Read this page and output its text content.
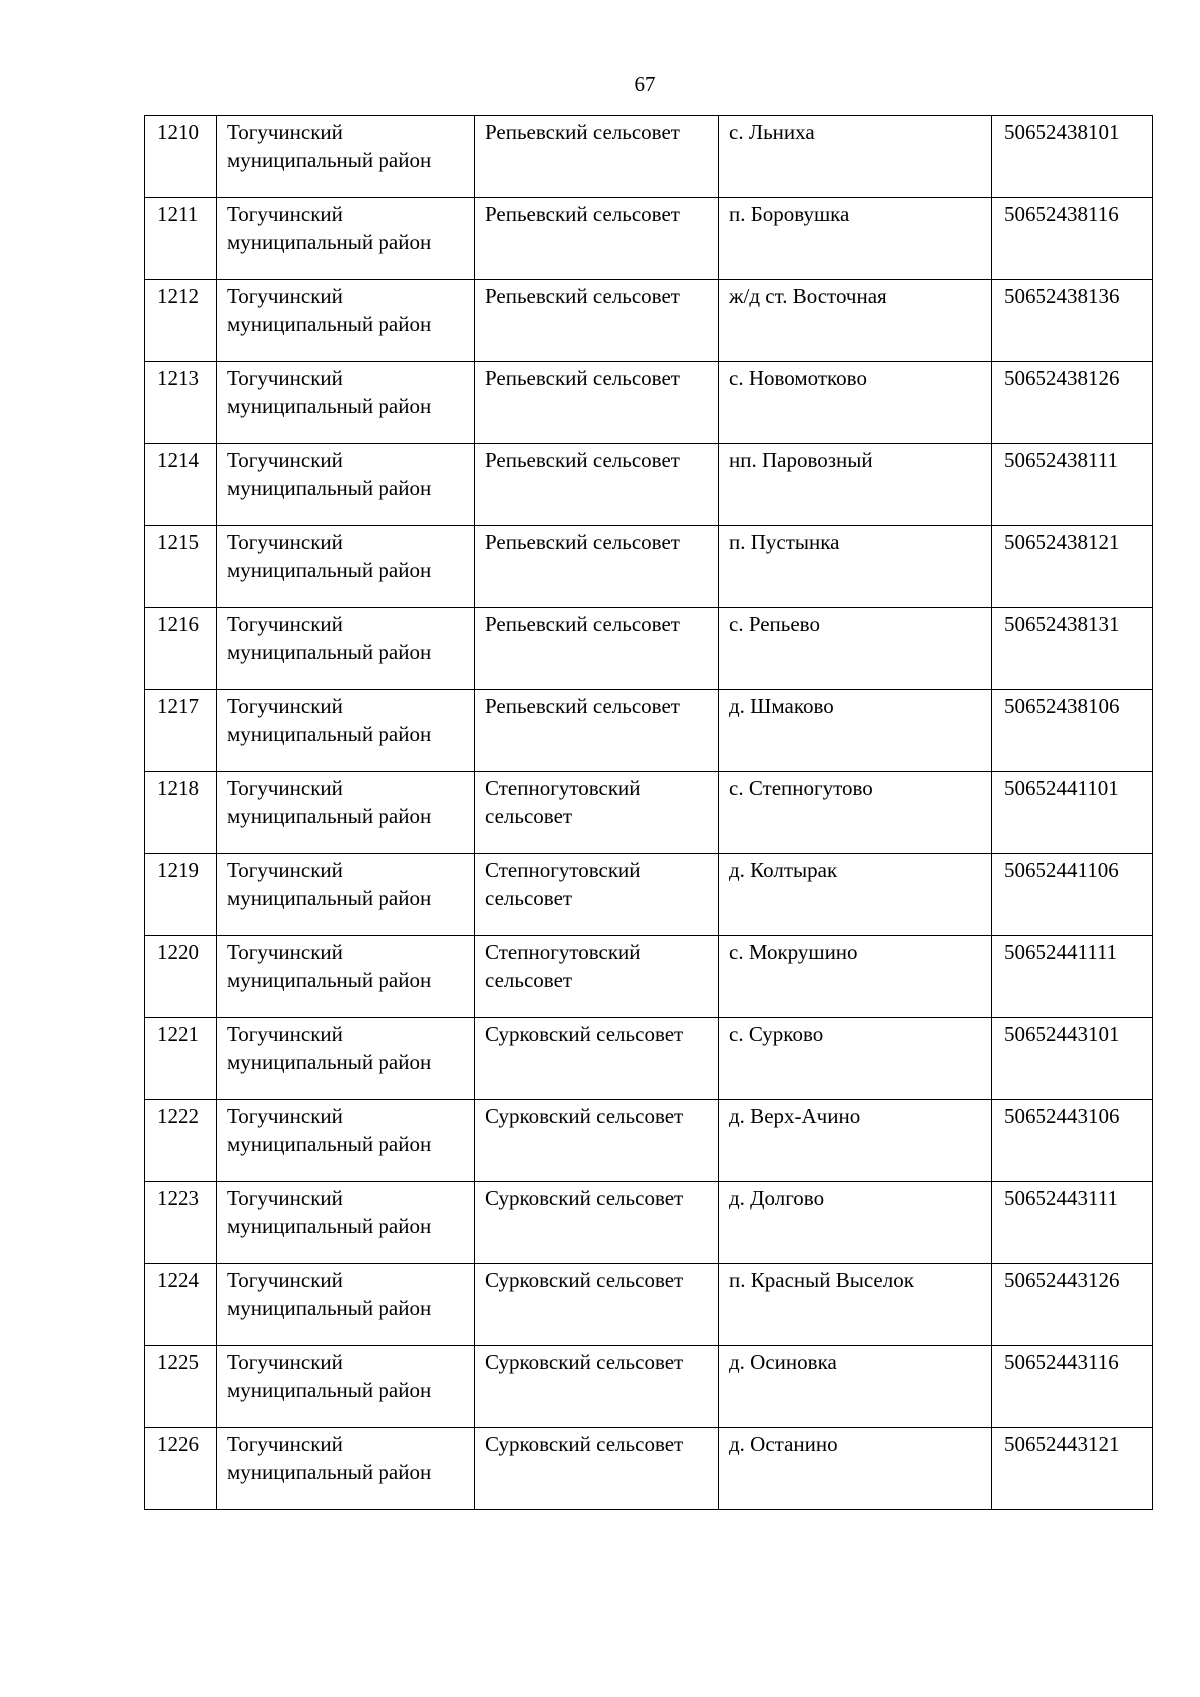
67
1210	Тогучинский муниципальный район	Репьевский сельсовет	с. Льниха	50652438101
1211	Тогучинский муниципальный район	Репьевский сельсовет	п. Боровушка	50652438116
1212	Тогучинский муниципальный район	Репьевский сельсовет	ж/д ст. Восточная	50652438136
1213	Тогучинский муниципальный район	Репьевский сельсовет	с. Новомотково	50652438126
1214	Тогучинский муниципальный район	Репьевский сельсовет	нп. Паровозный	50652438111
1215	Тогучинский муниципальный район	Репьевский сельсовет	п. Пустынка	50652438121
1216	Тогучинский муниципальный район	Репьевский сельсовет	с. Репьево	50652438131
1217	Тогучинский муниципальный район	Репьевский сельсовет	д. Шмаково	50652438106
1218	Тогучинский муниципальный район	Степногутовский сельсовет	с. Степногутово	50652441101
1219	Тогучинский муниципальный район	Степногутовский сельсовет	д. Колтырак	50652441106
1220	Тогучинский муниципальный район	Степногутовский сельсовет	с. Мокрушино	50652441111
1221	Тогучинский муниципальный район	Сурковский сельсовет	с. Сурково	50652443101
1222	Тогучинский муниципальный район	Сурковский сельсовет	д. Верх-Ачино	50652443106
1223	Тогучинский муниципальный район	Сурковский сельсовет	д. Долгово	50652443111
1224	Тогучинский муниципальный район	Сурковский сельсовет	п. Красный Выселок	50652443126
1225	Тогучинский муниципальный район	Сурковский сельсовет	д. Осиновка	50652443116
1226	Тогучинский муниципальный район	Сурковский сельсовет	д. Останино	50652443121
